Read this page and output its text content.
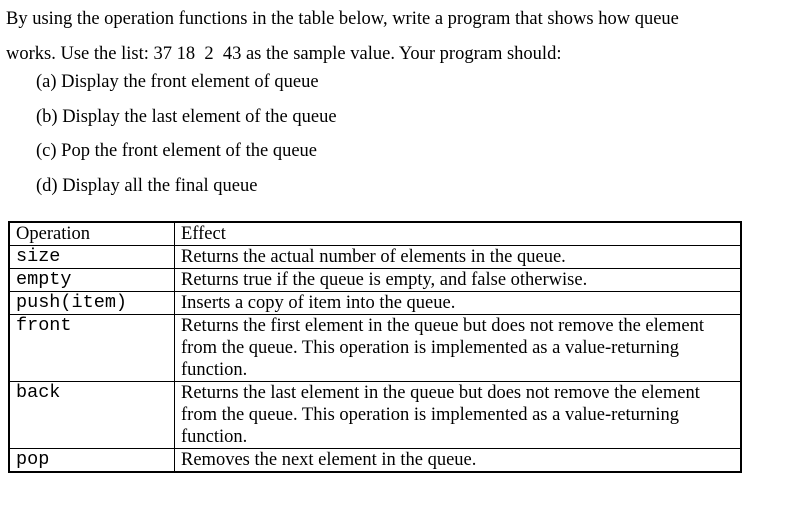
By using the operation functions in the table below, write a program that shows how queue
works. Use the list: 37 18  2  43 as the sample value. Your program should:
(a) Display the front element of queue
(b) Display the last element of the queue
(c) Pop the front element of the queue
(d) Display all the final queue
Operation	Effect
size	Returns the actual number of elements in the queue.
empty	Returns true if the queue is empty, and false otherwise.
push(item)	Inserts a copy of item into the queue.
front	Returns the first element in the queue but does not remove the element from the queue. This operation is implemented as a value-returning function.
back	Returns the last element in the queue but does not remove the element from the queue. This operation is implemented as a value-returning function.
pop	Removes the next element in the queue.
